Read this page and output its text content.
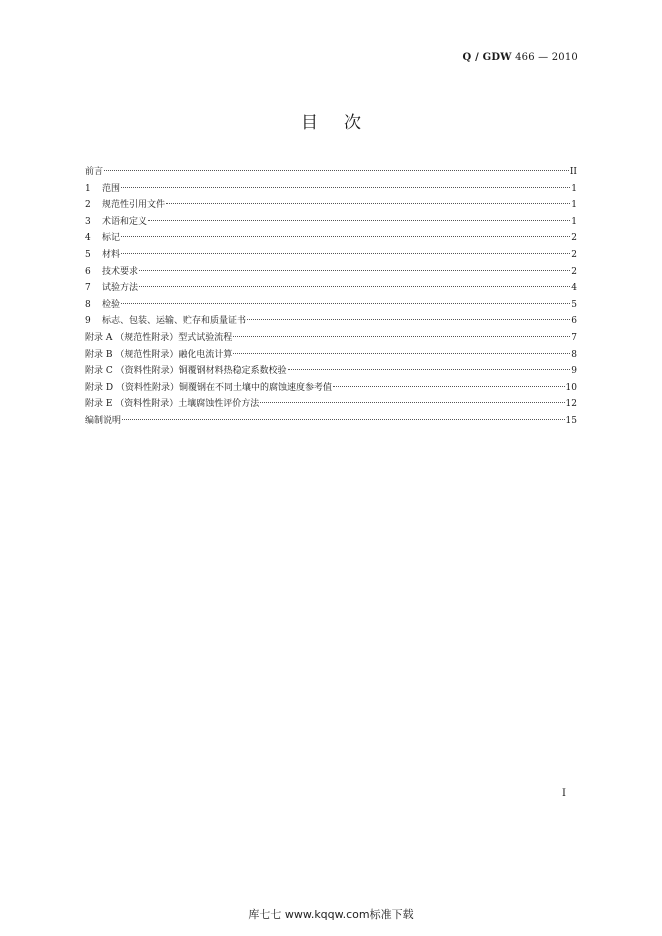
Q / GDW 466 — 2010
目 次
前言	II
1	范围	1
2	规范性引用文件	1
3	术语和定义	1
4	标记	2
5	材料	2
6	技术要求	2
7	试验方法	4
8	检验	5
9	标志、包装、运输、贮存和质量证书	6
附录 A （规范性附录）型式试验流程	7
附录 B （规范性附录）融化电流计算	8
附录 C （资料性附录）铜覆钢材料热稳定系数校验	9
附录 D （资料性附录）铜覆钢在不同土壤中的腐蚀速度参考值	10
附录 E （资料性附录）土壤腐蚀性评价方法	12
编制说明	15
I
库七七 www.kqqw.com标准下载
